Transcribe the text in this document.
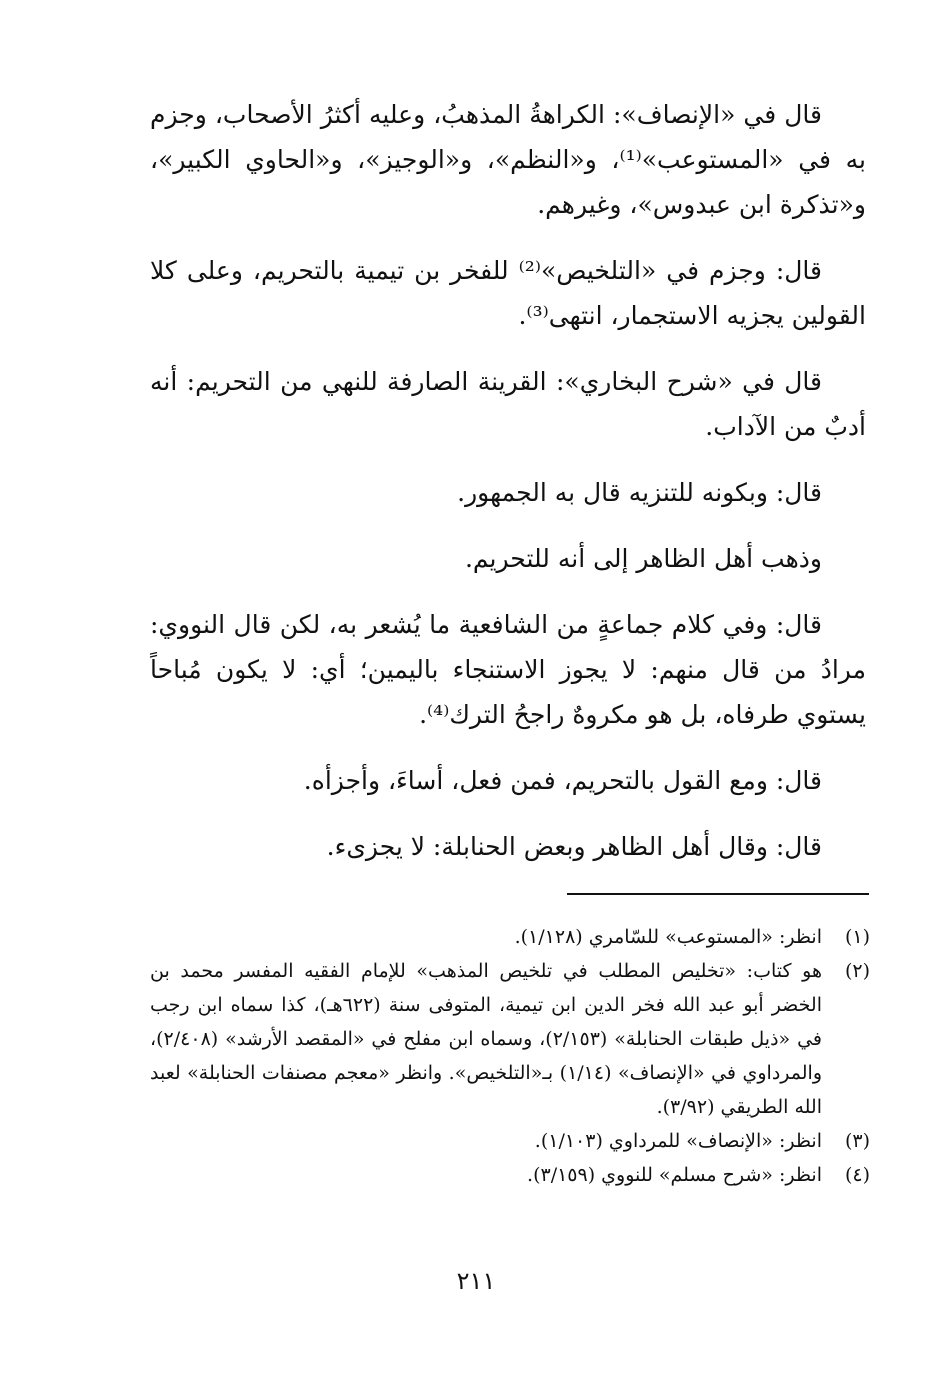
قال في «الإنصاف»: الكراهةُ المذهبُ، وعليه أكثرُ الأصحاب، وجزم به في «المستوعب»⁽¹⁾، و«النظم»، و«الوجيز»، و«الحاوي الكبير»، و«تذكرة ابن عبدوس»، وغيرهم.

قال: وجزم في «التلخيص»⁽²⁾ للفخر بن تيمية بالتحريم، وعلى كلا القولين يجزيه الاستجمار، انتهى⁽³⁾.

قال في «شرح البخاري»: القرينة الصارفة للنهي من التحريم: أنه أدبٌ من الآداب.

قال: وبكونه للتنزيه قال به الجمهور.

وذهب أهل الظاهر إلى أنه للتحريم.

قال: وفي كلام جماعةٍ من الشافعية ما يُشعر به، لكن قال النووي: مرادُ من قال منهم: لا يجوز الاستنجاء باليمين؛ أي: لا يكون مُباحاً يستوي طرفاه، بل هو مكروهٌ راجحُ الترك⁽⁴⁾.

قال: ومع القول بالتحريم، فمن فعل، أساءَ، وأجزأه.

قال: وقال أهل الظاهر وبعض الحنابلة: لا يجزىء.

(١)
انظر: «المستوعب» للسّامري (١/١٢٨).
(٢)
هو كتاب: «تخليص المطلب في تلخيص المذهب» للإمام الفقيه المفسر محمد بن الخضر أبو عبد الله فخر الدين ابن تيمية، المتوفى سنة (٦٢٢هـ)، كذا سماه ابن رجب في «ذيل طبقات الحنابلة» (٢/١٥٣)، وسماه ابن مفلح في «المقصد الأرشد» (٢/٤٠٨)، والمرداوي في «الإنصاف» (١/١٤) بـ«التلخيص». وانظر «معجم مصنفات الحنابلة» لعبد الله الطريقي (٣/٩٢).
(٣)
انظر: «الإنصاف» للمرداوي (١/١٠٣).
(٤)
انظر: «شرح مسلم» للنووي (٣/١٥٩).
٢١١
